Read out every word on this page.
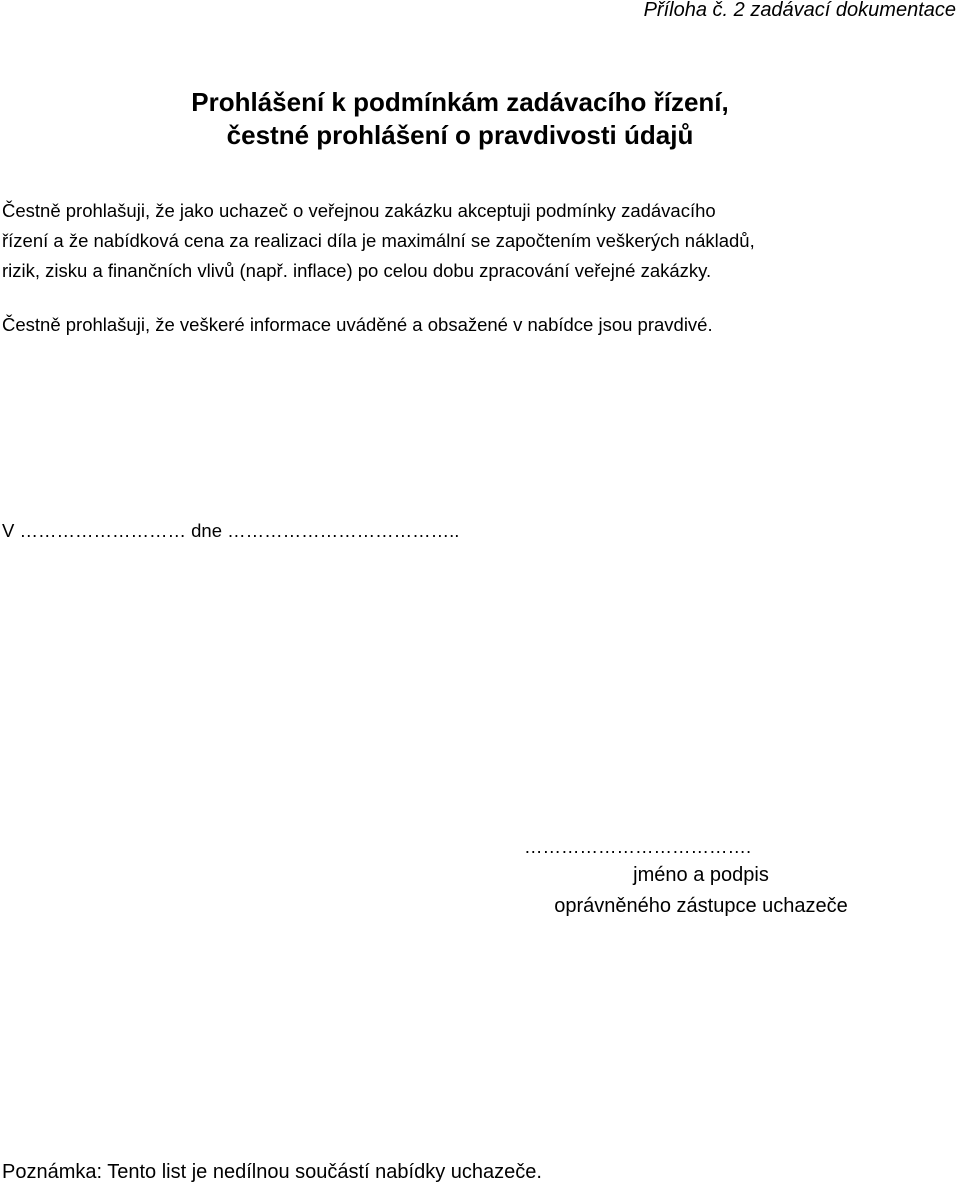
Příloha č. 2 zadávací dokumentace
Prohlášení k podmínkám zadávacího řízení,
čestné prohlášení o pravdivosti údajů
Čestně prohlašuji, že jako uchazeč o veřejnou zakázku akceptuji podmínky zadávacího
řízení a že nabídková cena za realizaci díla je maximální se započtením veškerých nákladů,
rizik, zisku a finančních vlivů (např. inflace) po celou dobu zpracování veřejné zakázky.
Čestně prohlašuji, že veškeré informace uváděné a obsažené v nabídce jsou pravdivé.
V ……………………… dne ………………………………..
……………………………….
jméno a podpis
oprávněného zástupce uchazeče
Poznámka: Tento list je nedílnou součástí nabídky uchazeče.
